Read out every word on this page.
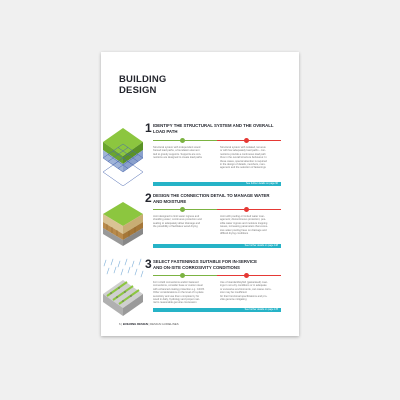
BUILDING
DESIGN
1 IDENTIFY THE STRUCTURAL SYSTEM AND THE OVERALL
LOAD PATH
Structural system with independent wood
framed load paths, a foundation element
tied to gravity supports. Supports are con-
nections are designed to create load paths
Structural system with isolated, tenuous
or with few adequately load paths - con-
nections provide a continuous load path
thus in the overall structure behaviour. In
these cases, special attention is required
in the design of details, members, man-
agement and the selection of fastenings
See further details on page 90
2 DESIGN THE CONNECTION DETAIL TO MANAGE WATER
AND MOISTURE
Joint designed to limit water ingress and
shedding water; continuous protection and
sealing to adequately allow drainage and
the possibility of facilitates wood drying
Joint with pooling or limited water man-
agement; discontinuous protection; pos-
sible water ingress and moisture trapping
issues, increasing parameters that exces-
sive water pooling have on drainage and
difficult drying conditions
See further details on page 148
3 SELECT FASTENINGS SUITABLE FOR IN-SERVICE
AND ON-SITE CORROSIVITY CONDITIONS
For in-field connections and/or fastened
connections, consider base or custom steel
with enhanced coating protection e.g. C4/C5.
Other considerations on the level of in-place
sensitivity and use them complete by for
wood in daily, hydrology and proper mat-
rial to reasonable genuine concession
Use of standard/stylish (galvanised) coat-
ings in non-dry conditions or in adequate
or excessive environments, can cause corro-
sion may be insufficient
for their functional specifications and pro-
vide genuine mitigating
See further details on page 178
6 | BUILDING DESIGN | DESIGN GUIDELINES
